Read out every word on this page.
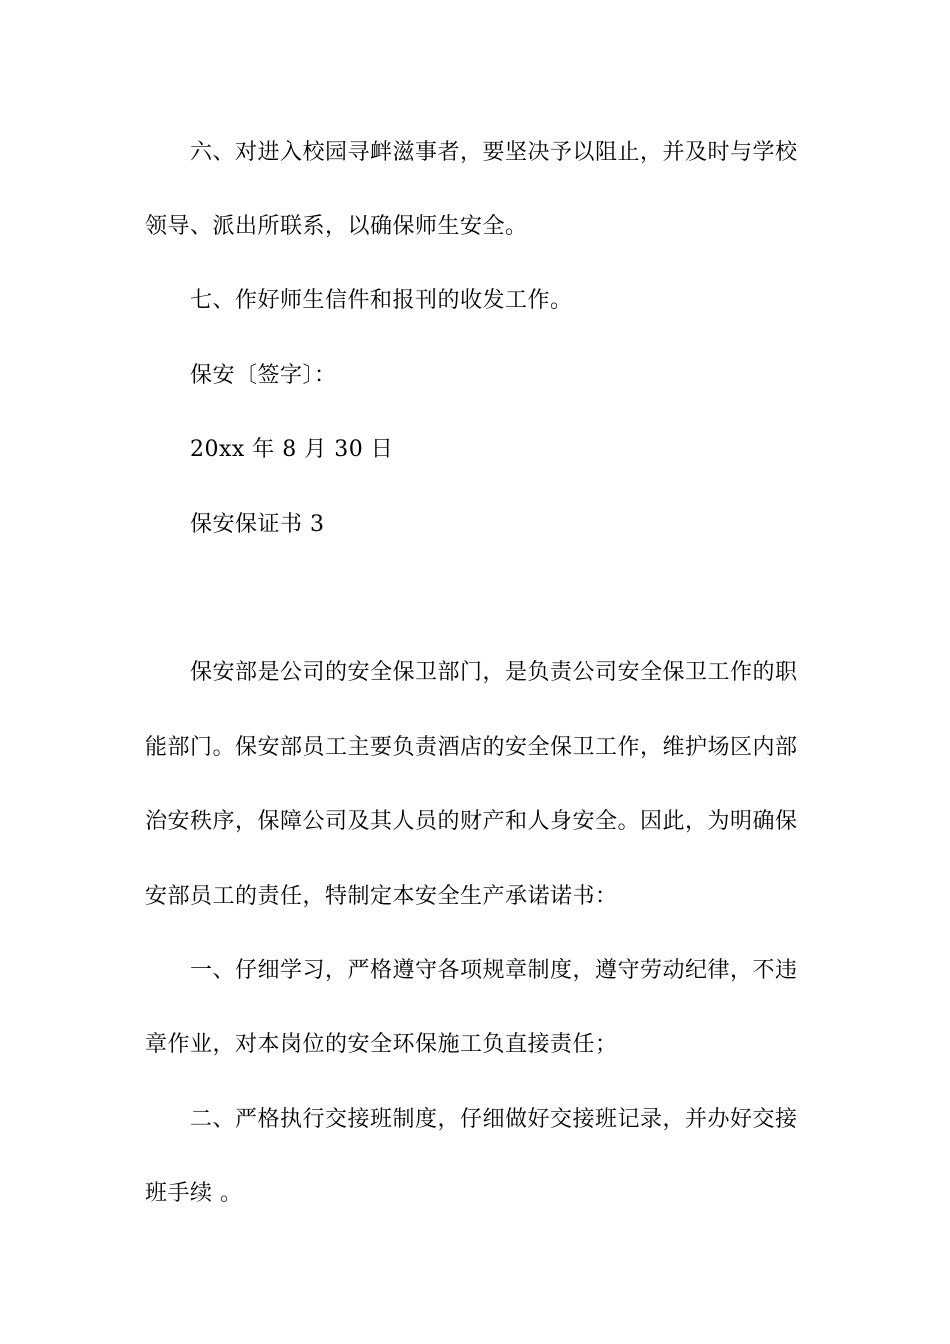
六、对进入校园寻衅滋事者，要坚决予以阻止，并及时与学校
领导、派出所联系，以确保师生安全。
七、作好师生信件和报刊的收发工作。
保安〔签字〕：
20xx 年 8 月 30 日
保安保证书 3
保安部是公司的安全保卫部门，是负责公司安全保卫工作的职
能部门。保安部员工主要负责酒店的安全保卫工作，维护场区内部
治安秩序，保障公司及其人员的财产和人身安全。因此，为明确保
安部员工的责任，特制定本安全生产承诺诺书：
一、仔细学习，严格遵守各项规章制度，遵守劳动纪律，不违
章作业，对本岗位的安全环保施工负直接责任；
二、严格执行交接班制度，仔细做好交接班记录，并办好交接
班手续 。
